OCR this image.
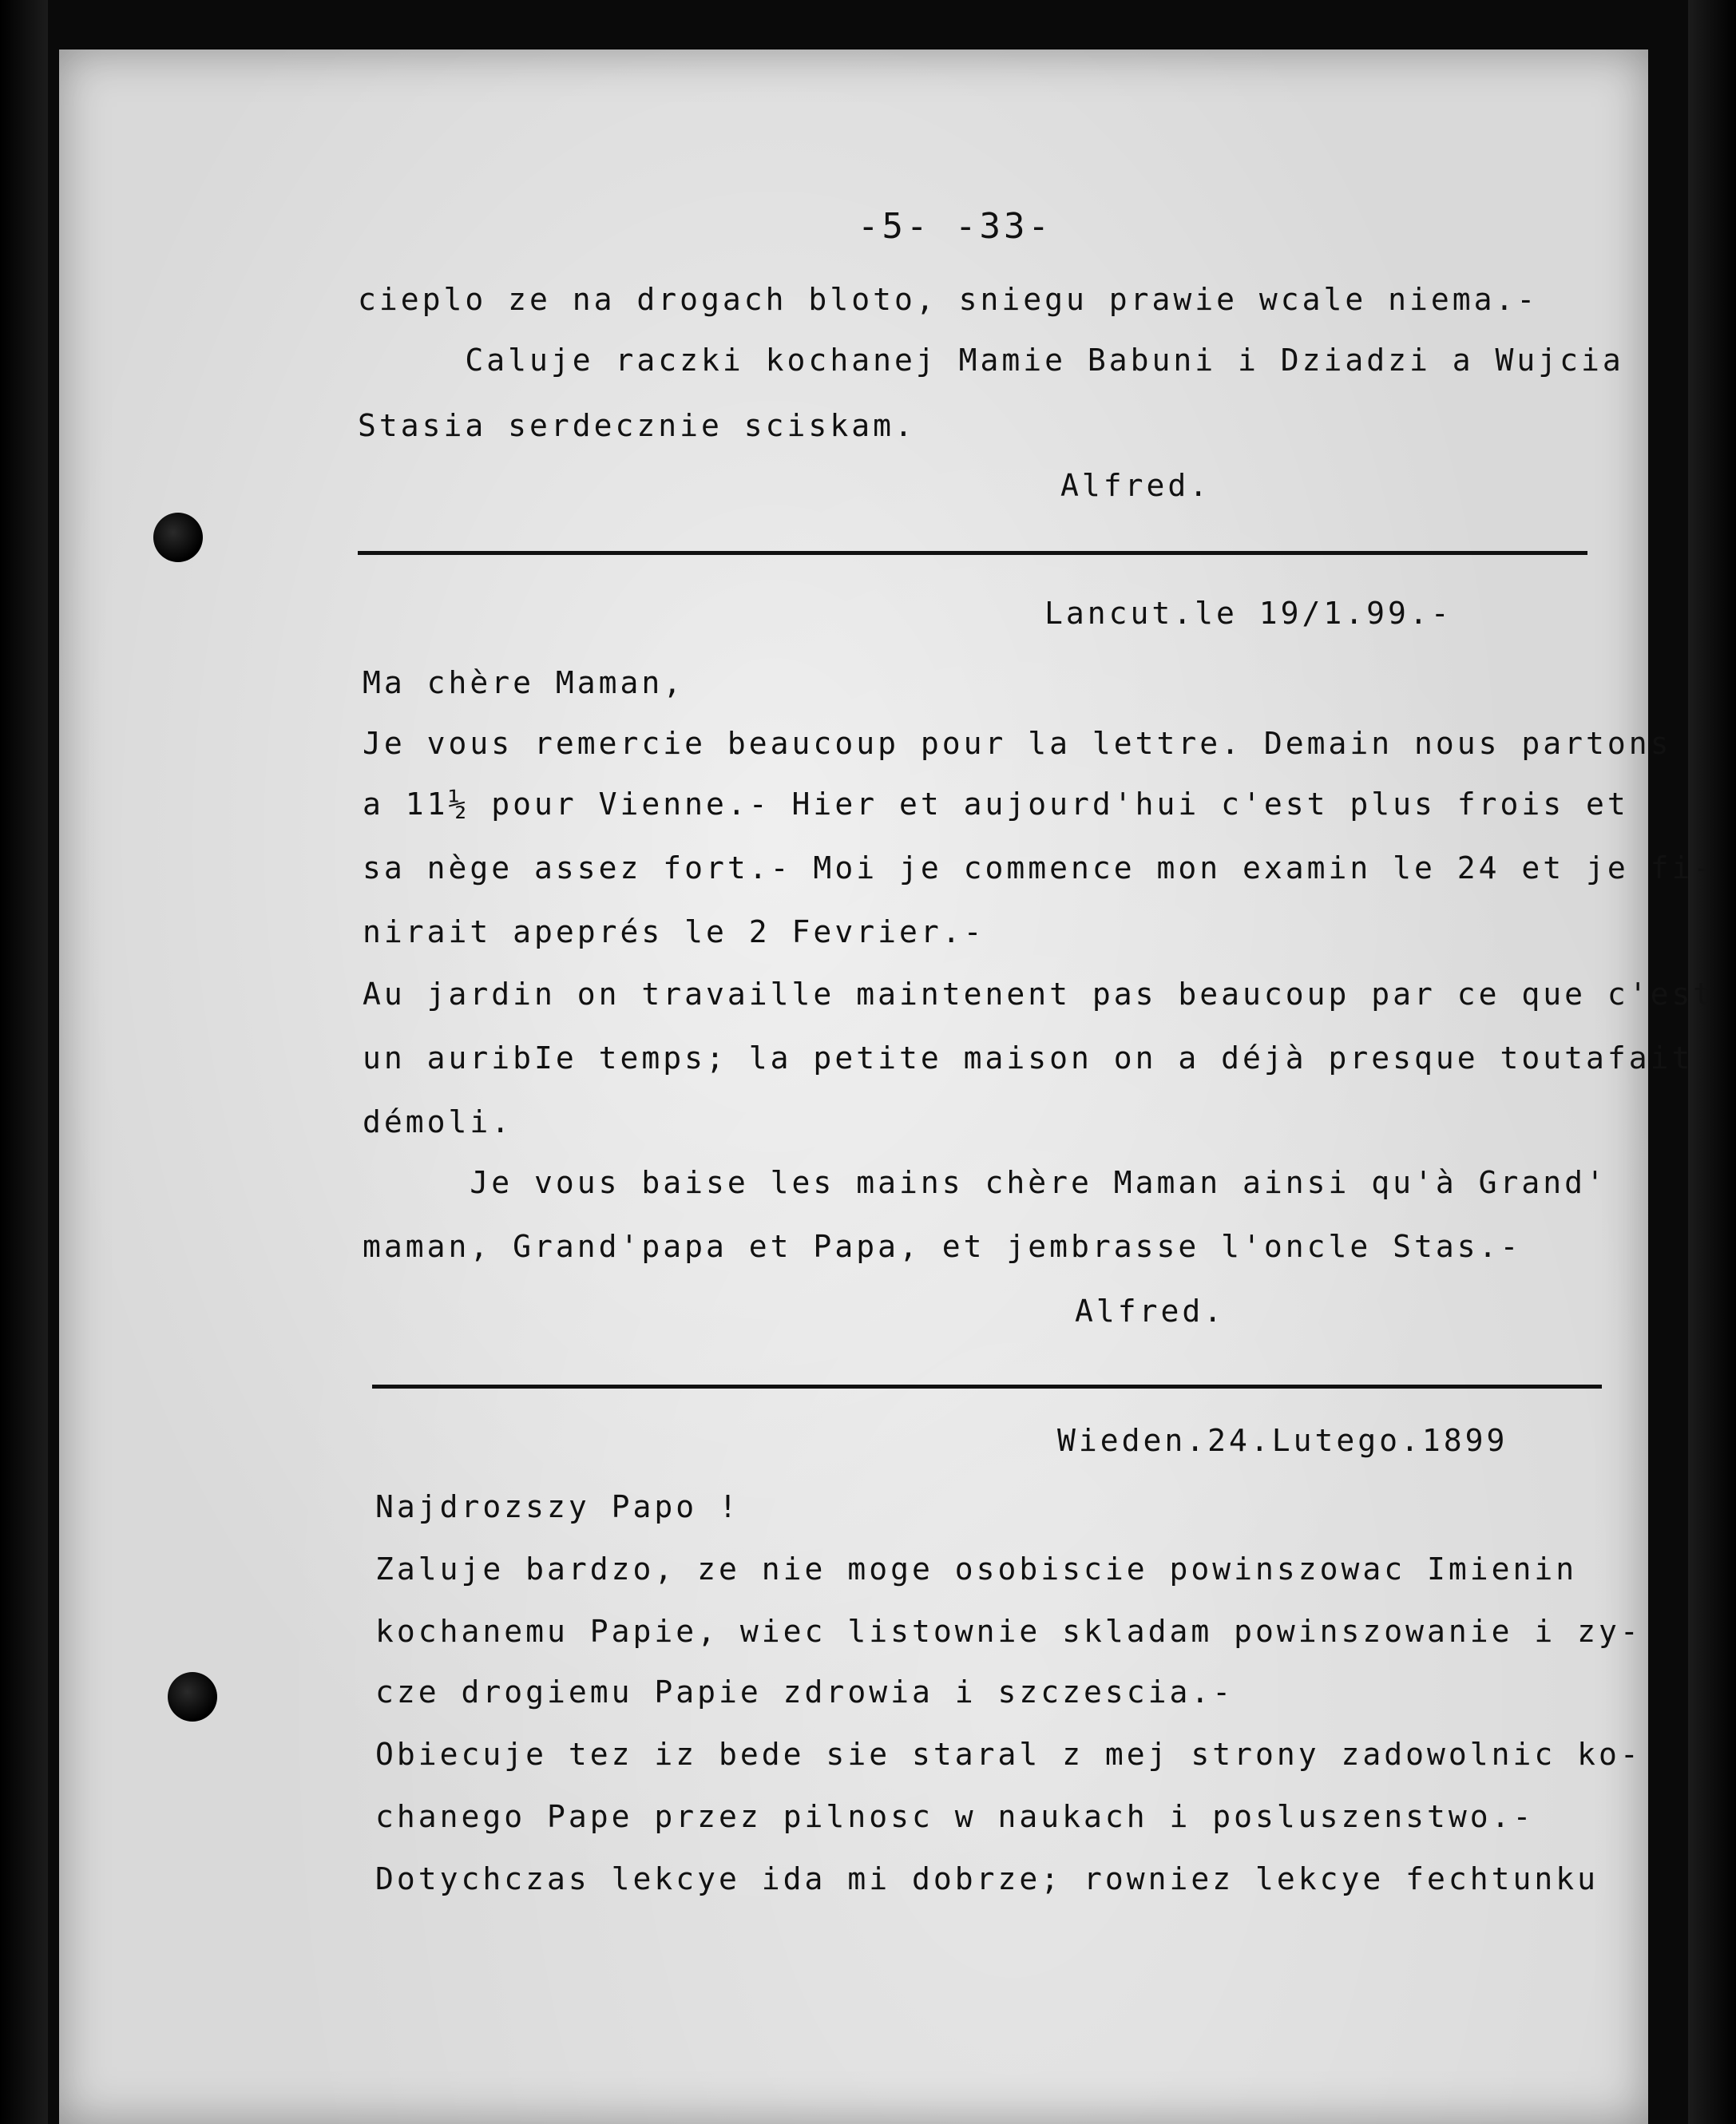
-5- -33-
cieplo ze na drogach bloto, sniegu prawie wcale niema.-
Caluje raczki kochanej Mamie Babuni i Dziadzi a Wujcia
Stasia serdecznie sciskam.
Alfred.
Lancut.le 19/1.99.-
Ma chère Maman,
Je vous remercie beaucoup pour la lettre. Demain nous partons
a 11½ pour Vienne.- Hier et aujourd'hui c'est plus frois et
sa nège assez fort.- Moi je commence mon examin le 24 et je fi-
nirait apeprés le 2 Fevrier.-
Au jardin on travaille maintenent pas beaucoup par ce que c'est
un auribIe temps; la petite maison on a déjà presque toutafait
démoli.
Je vous baise les mains chère Maman ainsi qu'à Grand'
maman, Grand'papa et Papa, et jembrasse l'oncle Stas.-
Alfred.
Wieden.24.Lutego.1899
Najdrozszy Papo !
Zaluje bardzo, ze nie moge osobiscie powinszowac Imienin
kochanemu Papie, wiec listownie skladam powinszowanie i zy-
cze drogiemu Papie zdrowia i szczescia.-
Obiecuje tez iz bede sie staral z mej strony zadowolnic ko-
chanego Pape przez pilnosc w naukach i posluszenstwo.-
Dotychczas lekcye ida mi dobrze; rowniez lekcye fechtunku
